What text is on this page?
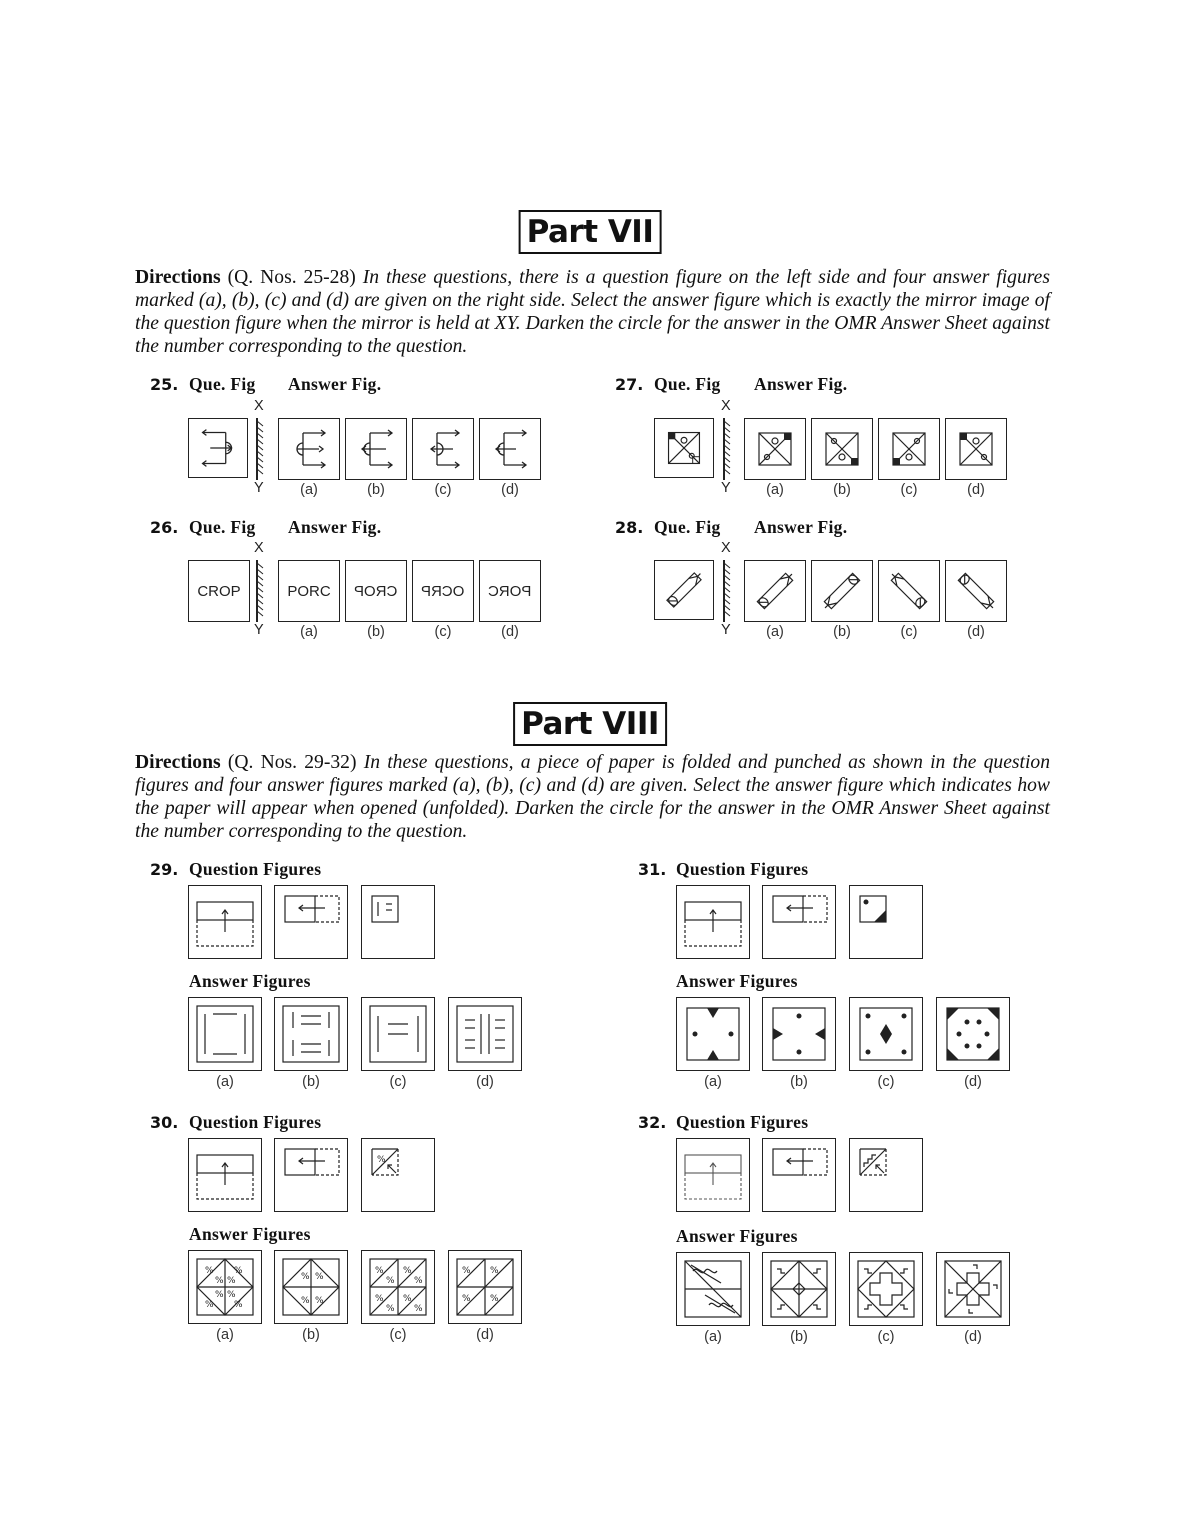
Part VII
Directions (Q. Nos. 25-28) In these questions, there is a question figure on the left side and four answer figures marked (a), (b), (c) and (d) are given on the right side. Select the answer figure which is exactly the mirror image of the question figure when the mirror is held at XY. Darken the circle for the answer in the OMR Answer Sheet against the number corresponding to the question.
25. Que. Fig Answer Fig.
X
Y	(a)	(b)	(c)	(d)
27. Que. Fig Answer Fig.
X
Y	(a)	(b)	(c)	(d)
26. Que. Fig Answer Fig.
CROP
X
Y
PORC CROP OCRP PORC
(a)	(b)	(c)	(d)
28. Que. Fig Answer Fig.
X
Y	(a)	(b)	(c)	(d)
Part VIII
Directions (Q. Nos. 29-32) In these questions, a piece of paper is folded and punched as shown in the question figures and four answer figures marked (a), (b), (c) and (d) are given. Select the answer figure which indicates how the paper will appear when opened (unfolded). Darken the circle for the answer in the OMR Answer Sheet against the number corresponding to the question.
29. Question Figures
Answer Figures
(a)	(b)	(c)	(d)
31. Question Figures
Answer Figures
(a)	(b)	(c)	(d)
30. Question Figures
%
Answer Figures
% %
% %
% %
% %
% %
% %
%
%
%
%
%
%
%
%
% %
% %
(a)	(b)	(c)	(d)
32. Question Figures
Answer Figures
(a)	(b)	(c)	(d)
